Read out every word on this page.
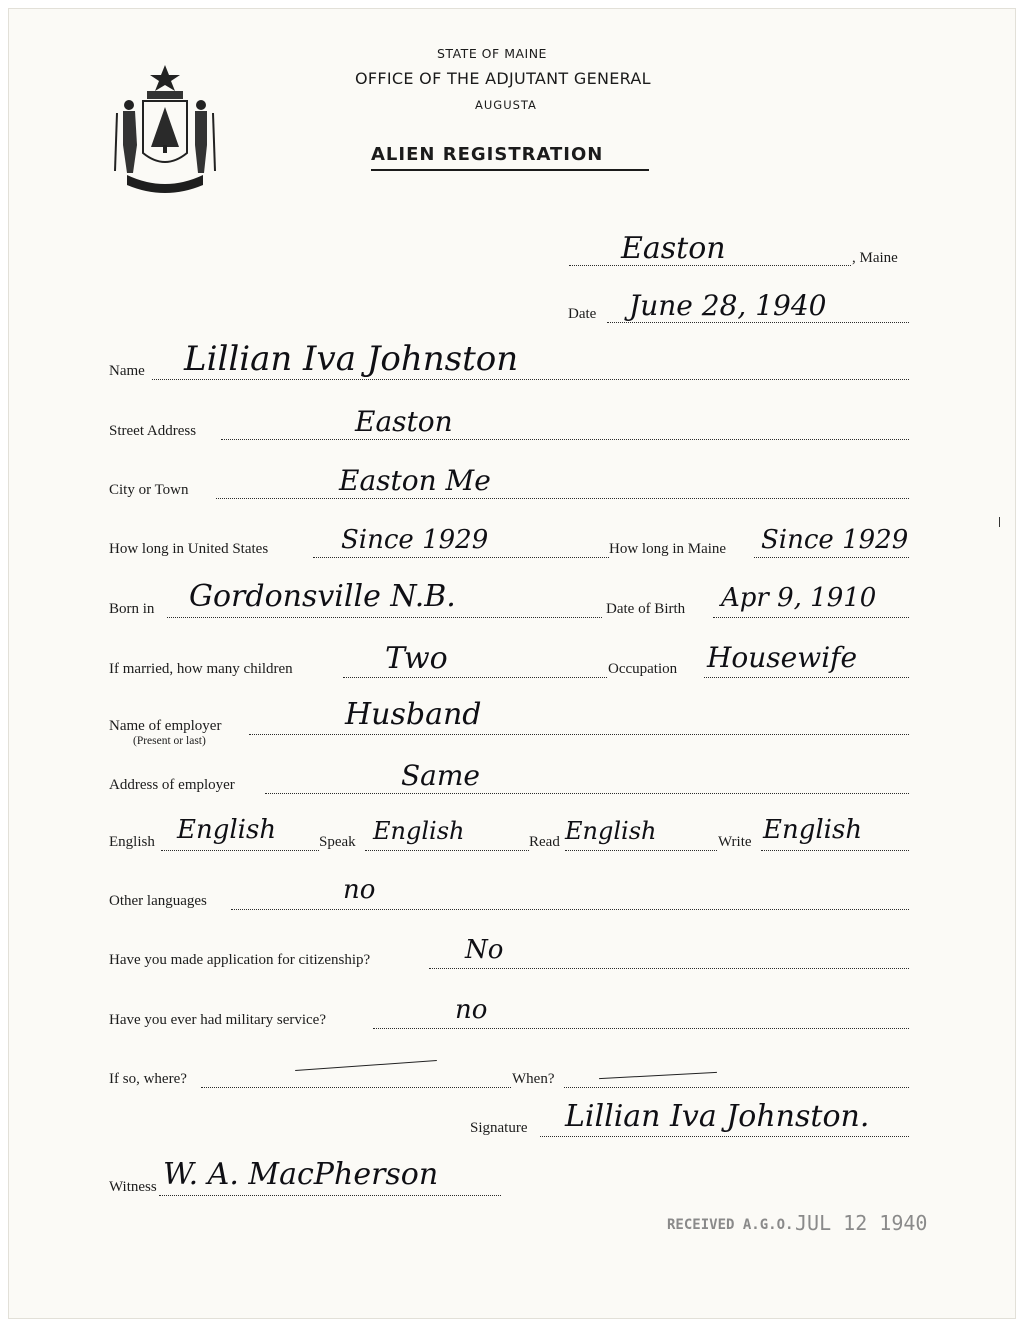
MAINE
STATE OF MAINE
OFFICE OF THE ADJUTANT GENERAL
AUGUSTA
ALIEN REGISTRATION
Easton	, Maine
Date June 28, 1940
Name Lillian Iva Johnston
Street Address	Easton
City or Town	Easton Me
How long in United States	Since 1929	How long in Maine Since 1929
Born in Gordonsville N.B.	Date of Birth Apr 9, 1910
If married, how many children	Two	Occupation Housewife
Name of employer
(Present or last)
Husband
Address of employer	Same
English English	Speak English	Read English	Write English
Other languages	no
Have you made application for citizenship?	No
Have you ever had military service?	no
If so, where?	When?
Signature Lillian Iva Johnston.
Witness W. A. MacPherson
RECEIVED A.G.O. JUL 12 1940
